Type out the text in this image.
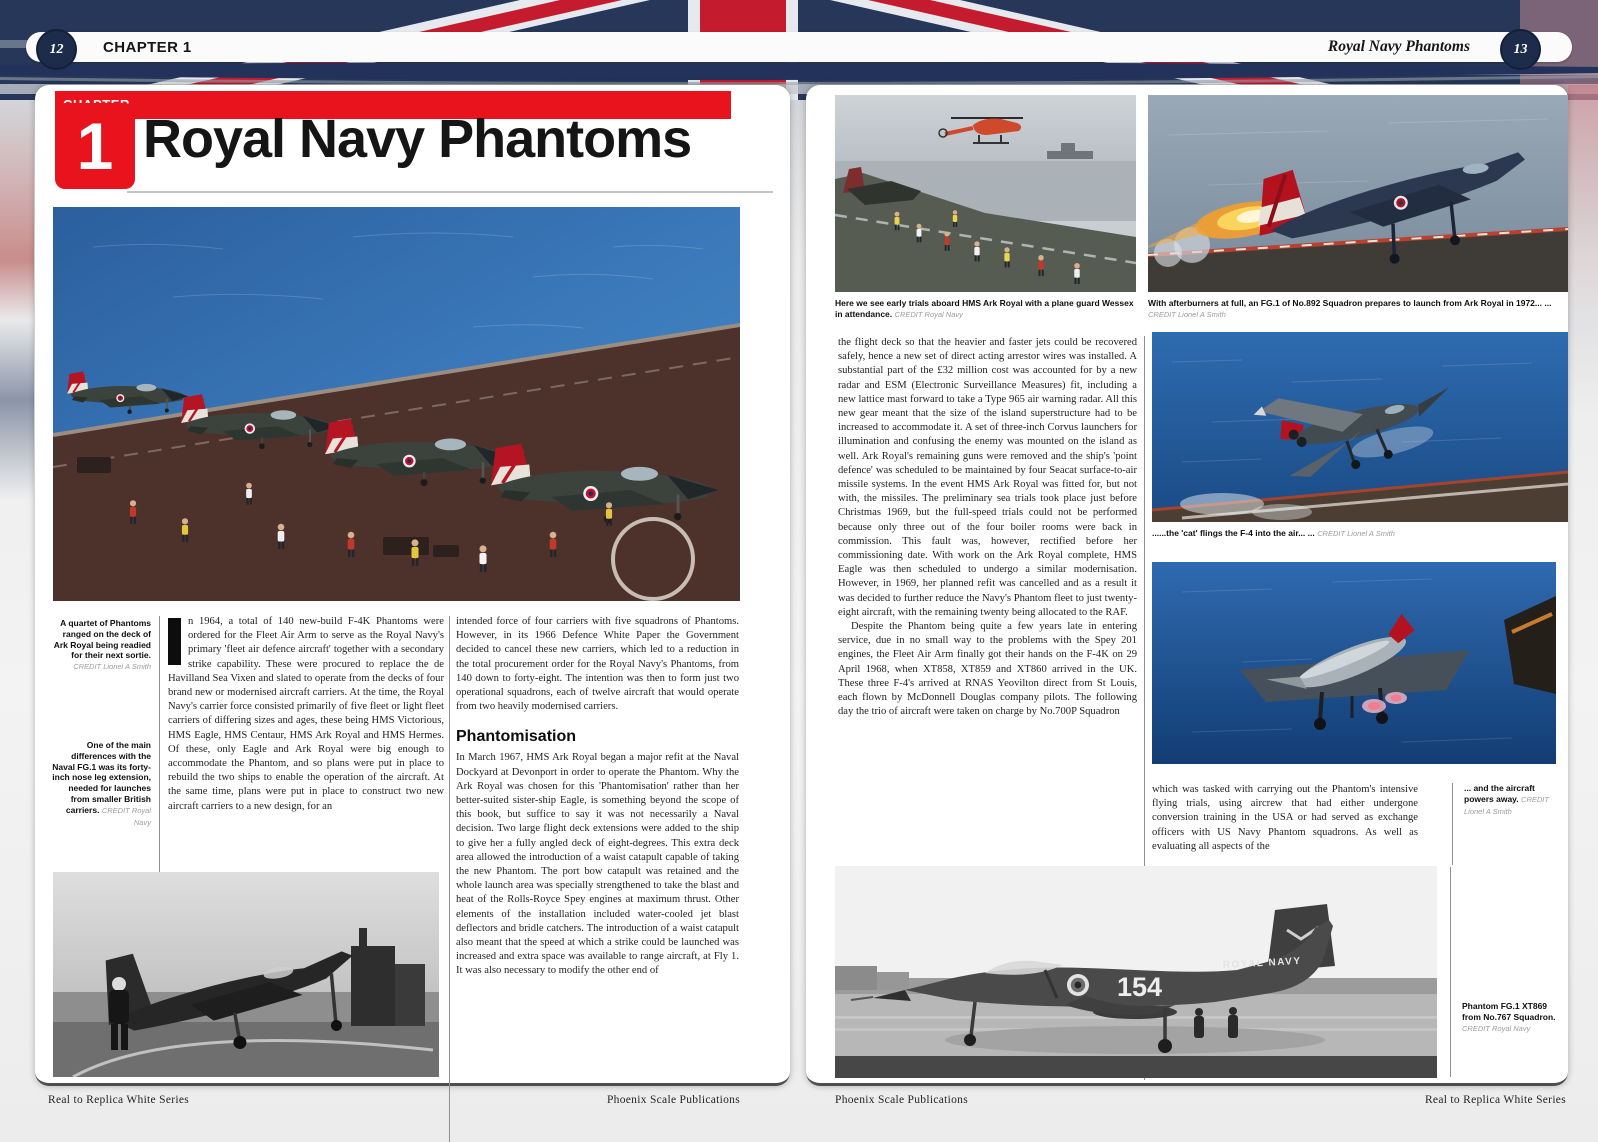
12	13
CHAPTER 1	Royal Navy Phantoms
1 Royal Navy Phantoms

A quartet of Phantoms ranged on the deck of Ark Royal being readied for their next sortie. CREDIT Lionel A Smith

One of the main differences with the Naval FG.1 was its forty-inch nose leg extension, needed for launches from smaller British carriers. CREDIT Royal Navy

n 1964, a total of 140 new-build F-4K Phantoms were ordered for the Fleet Air Arm to serve as the Royal Navy's primary 'fleet air defence aircraft' together with a secondary strike capability. These were procured to replace the de Havilland Sea Vixen and slated to operate from the decks of four brand new or modernised aircraft carriers. At the time, the Royal Navy's carrier force consisted primarily of five fleet or light fleet carriers of differing sizes and ages, these being HMS Victorious, HMS Eagle, HMS Centaur, HMS Ark Royal and HMS Hermes. Of these, only Eagle and Ark Royal were big enough to accommodate the Phantom, and so plans were put in place to rebuild the two ships to enable the operation of the aircraft. At the same time, plans were put in place to construct two new aircraft carriers to a new design, for an

intended force of four carriers with five squadrons of Phantoms. However, in its 1966 Defence White Paper the Government decided to cancel these new carriers, which led to a reduction in the total procurement order for the Royal Navy's Phantoms, from 140 down to forty-eight. The intention was then to form just two operational squadrons, each of twelve aircraft that would operate from two heavily modernised carriers.

Phantomisation

In March 1967, HMS Ark Royal began a major refit at the Naval Dockyard at Devonport in order to operate the Phantom. Why the Ark Royal was chosen for this 'Phantomisation' rather than her better-suited sister-ship Eagle, is something beyond the scope of this book, but suffice to say it was not necessarily a Naval decision. Two large flight deck extensions were added to the ship to give her a fully angled deck of eight-degrees. This extra deck area allowed the introduction of a waist catapult capable of taking the new Phantom. The port bow catapult was retained and the whole launch area was specially strengthened to take the blast and heat of the Rolls-Royce Spey engines at maximum thrust. Other elements of the installation included water-cooled jet blast deflectors and bridle catchers. The introduction of a waist catapult also meant that the speed at which a strike could be launched was increased and extra space was available to range aircraft, at Fly 1. It was also necessary to modify the other end of

Here we see early trials aboard HMS Ark Royal with a plane guard Wessex in attendance. CREDIT Royal Navy

With afterburners at full, an FG.1 of No.892 Squadron prepares to launch from Ark Royal in 1972... ... CREDIT Lionel A Smith

the flight deck so that the heavier and faster jets could be recovered safely, hence a new set of direct acting arrestor wires was installed. A substantial part of the £32 million cost was accounted for by a new radar and ESM (Electronic Surveillance Measures) fit, including a new lattice mast forward to take a Type 965 air warning radar. All this new gear meant that the size of the island superstructure had to be increased to accommodate it. A set of three-inch Corvus launchers for illumination and confusing the enemy was mounted on the island as well. Ark Royal's remaining guns were removed and the ship's 'point defence' was scheduled to be maintained by four Seacat surface-to-air missile systems. In the event HMS Ark Royal was fitted for, but not with, the missiles. The preliminary sea trials took place just before Christmas 1969, but the full-speed trials could not be performed because only three out of the four boiler rooms were back in commission. This fault was, however, rectified before her commissioning date. With work on the Ark Royal complete, HMS Eagle was then scheduled to undergo a similar modernisation. However, in 1969, her planned refit was cancelled and as a result it was decided to further reduce the Navy's Phantom fleet to just twenty-eight aircraft, with the remaining twenty being allocated to the RAF.

Despite the Phantom being quite a few years late in entering service, due in no small way to the problems with the Spey 201 engines, the Fleet Air Arm finally got their hands on the F-4K on 29 April 1968, when XT858, XT859 and XT860 arrived in the UK. These three F-4's arrived at RNAS Yeovilton direct from St Louis, each flown by McDonnell Douglas company pilots. The following day the trio of aircraft were taken on charge by No.700P Squadron

......the 'cat' flings the F-4 into the air... ... CREDIT Lionel A Smith

which was tasked with carrying out the Phantom's intensive flying trials, using aircrew that had either undergone conversion training in the USA or had served as exchange officers with US Navy Phantom squadrons. As well as evaluating all aspects of the

... and the aircraft powers away. CREDIT Lionel A Smith

154
ROYAL NAVY

Phantom FG.1 XT869 from No.767 Squadron. CREDIT Royal Navy

Real to Replica White Series	Phoenix Scale Publications	Phoenix Scale Publications	Real to Replica White Series
